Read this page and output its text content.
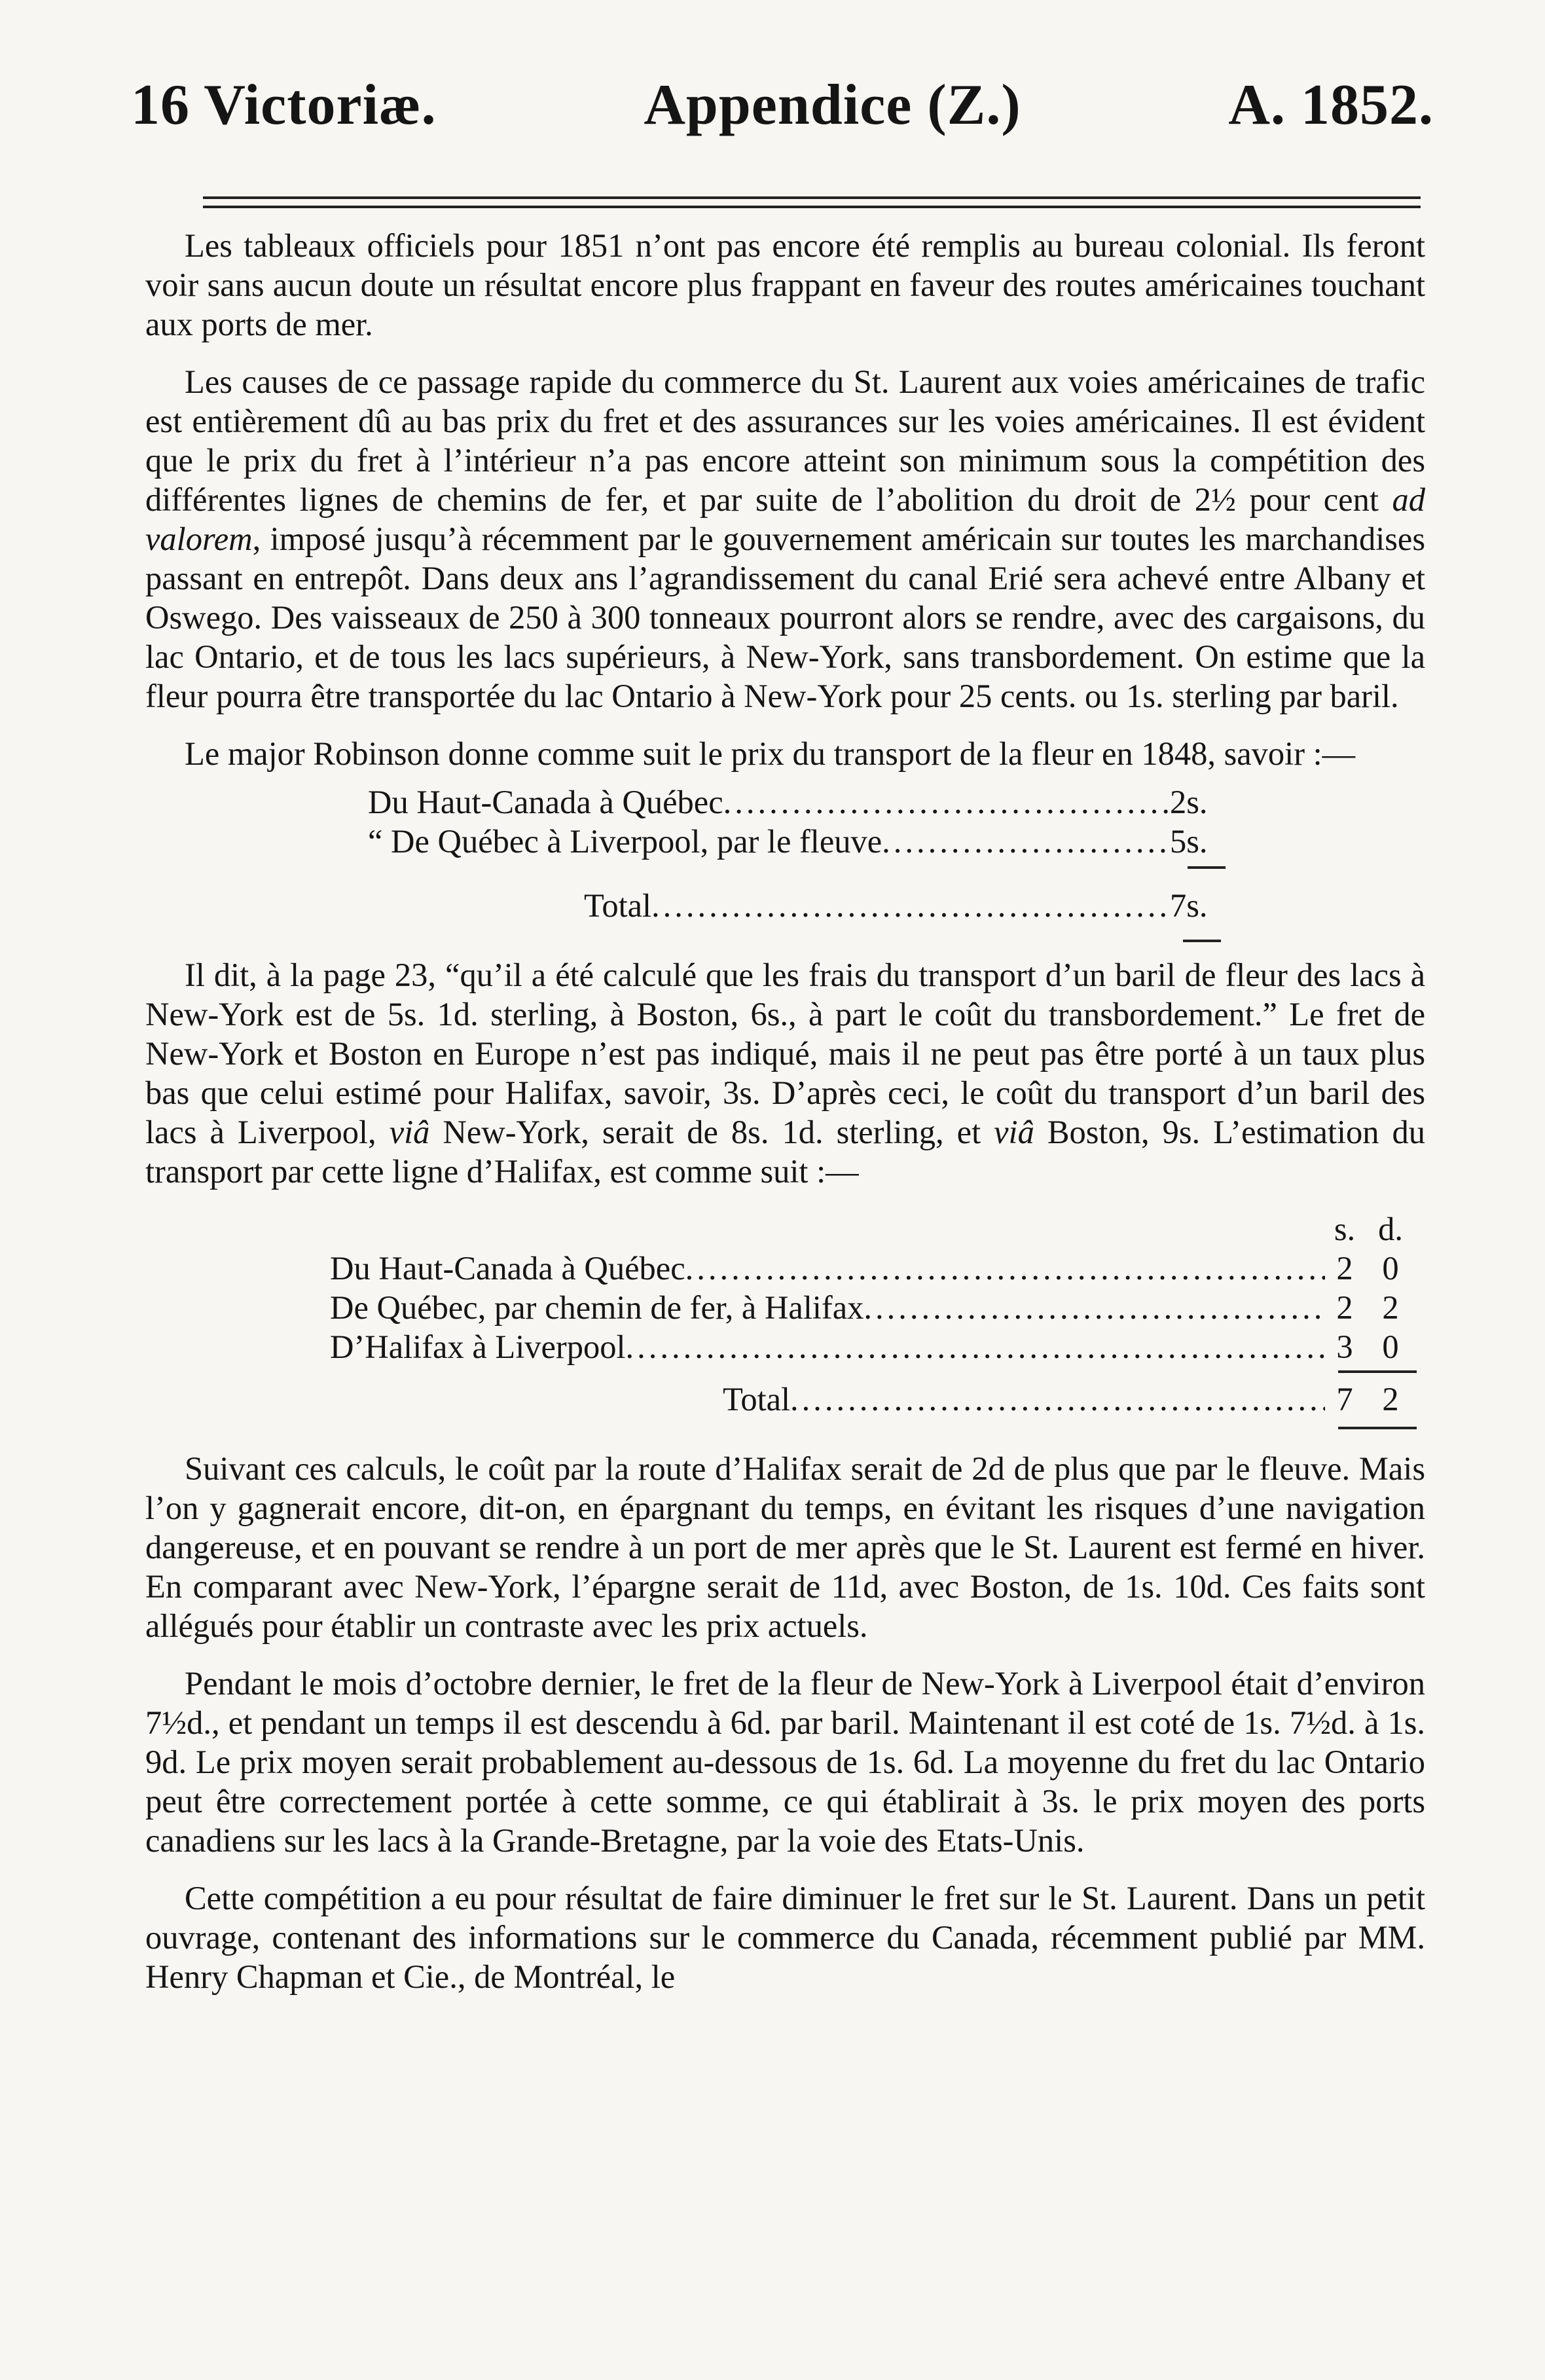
16 Victoriæ.	Appendice (Z.)	A. 1852.

Les tableaux officiels pour 1851 n’ont pas encore été remplis au bureau colonial. Ils feront voir sans aucun doute un résultat encore plus frappant en faveur des routes américaines touchant aux ports de mer.

Les causes de ce passage rapide du commerce du St. Laurent aux voies américaines de trafic est entièrement dû au bas prix du fret et des assurances sur les voies américaines. Il est évident que le prix du fret à l’intérieur n’a pas encore atteint son minimum sous la compétition des différentes lignes de chemins de fer, et par suite de l’abolition du droit de 2½ pour cent ad valorem, imposé jusqu’à récemment par le gouvernement américain sur toutes les marchandises passant en entrepôt. Dans deux ans l’agrandissement du canal Erié sera achevé entre Albany et Oswego. Des vaisseaux de 250 à 300 tonneaux pourront alors se rendre, avec des cargaisons, du lac Ontario, et de tous les lacs supérieurs, à New-York, sans transbordement. On estime que la fleur pourra être transportée du lac Ontario à New-York pour 25 cents. ou 1s. sterling par baril.

Le major Robinson donne comme suit le prix du transport de la fleur en 1848, savoir :—

Du Haut-Canada à Québec .....	2s.
“ De Québec à Liverpool, par le fleuve .....	5s.
Total .....	7s.

Il dit, à la page 23, “qu’il a été calculé que les frais du transport d’un baril de fleur des lacs à New-York est de 5s. 1d. sterling, à Boston, 6s., à part le coût du transbordement.” Le fret de New-York et Boston en Europe n’est pas indiqué, mais il ne peut pas être porté à un taux plus bas que celui estimé pour Halifax, savoir, 3s. D’après ceci, le coût du transport d’un baril des lacs à Liverpool, viâ New-York, serait de 8s. 1d. sterling, et viâ Boston, 9s. L’estimation du transport par cette ligne d’Halifax, est comme suit :—

s. d.
Du Haut-Canada à Québec .....	2 0
De Québec, par chemin de fer, à Halifax .....	2 2
D’Halifax à Liverpool .....	3 0
Total .....	7 2

Suivant ces calculs, le coût par la route d’Halifax serait de 2d de plus que par le fleuve. Mais l’on y gagnerait encore, dit-on, en épargnant du temps, en évitant les risques d’une navigation dangereuse, et en pouvant se rendre à un port de mer après que le St. Laurent est fermé en hiver. En comparant avec New-York, l’épargne serait de 11d, avec Boston, de 1s. 10d. Ces faits sont allégués pour établir un contraste avec les prix actuels.

Pendant le mois d’octobre dernier, le fret de la fleur de New-York à Liverpool était d’environ 7½d., et pendant un temps il est descendu à 6d. par baril. Maintenant il est coté de 1s. 7½d. à 1s. 9d. Le prix moyen serait probablement au-dessous de 1s. 6d. La moyenne du fret du lac Ontario peut être correctement portée à cette somme, ce qui établirait à 3s. le prix moyen des ports canadiens sur les lacs à la Grande-Bretagne, par la voie des Etats-Unis.

Cette compétition a eu pour résultat de faire diminuer le fret sur le St. Laurent. Dans un petit ouvrage, contenant des informations sur le commerce du Canada, récemment publié par MM. Henry Chapman et Cie., de Montréal, le
